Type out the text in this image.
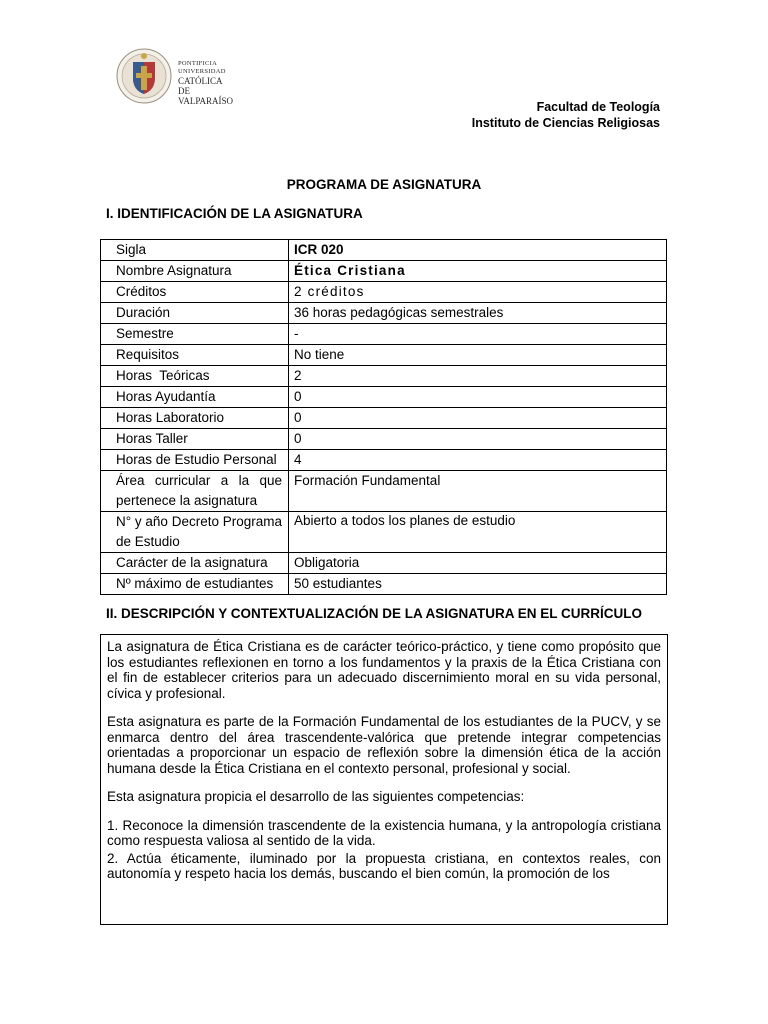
PONTIFICIA
UNIVERSIDAD
CATÓLICA DE
VALPARAÍSO	Facultad de Teología
Instituto de Ciencias Religiosas
PROGRAMA DE ASIGNATURA
I. IDENTIFICACIÓN DE LA ASIGNATURA
Sigla	ICR 020
Nombre Asignatura	Ética Cristiana
Créditos	2 créditos
Duración	36 horas pedagógicas semestrales
Semestre	-
Requisitos	No tiene
Horas  Teóricas	2
Horas Ayudantía	0
Horas Laboratorio	0
Horas Taller	0
Horas de Estudio Personal	4

Área curricular a la que
pertenece la asignatura	Formación Fundamental

N° y año Decreto Programa
de Estudio	Abierto a todos los planes de estudio
Carácter de la asignatura	Obligatoria
Nº máximo de estudiantes	50 estudiantes
II. DESCRIPCIÓN Y CONTEXTUALIZACIÓN DE LA ASIGNATURA EN EL CURRÍCULO

La asignatura de Ética Cristiana es de carácter teórico-práctico, y tiene como propósito que los estudiantes reflexionen en torno a los fundamentos y la praxis de la Ética Cristiana con el fin de establecer criterios para un adecuado discernimiento moral en su vida personal, cívica y profesional.

Esta asignatura es parte de la Formación Fundamental de los estudiantes de la PUCV, y se enmarca dentro del área trascendente-valórica que pretende integrar competencias orientadas a proporcionar un espacio de reflexión sobre la dimensión ética de la acción humana desde la Ética Cristiana en el contexto personal, profesional y social.

Esta asignatura propicia el desarrollo de las siguientes competencias:

1. Reconoce la dimensión trascendente de la existencia humana, y la antropología cristiana como respuesta valiosa al sentido de la vida.

2. Actúa éticamente, iluminado por la propuesta cristiana, en contextos reales, con autonomía y respeto hacia los demás, buscando el bien común, la promoción de los
